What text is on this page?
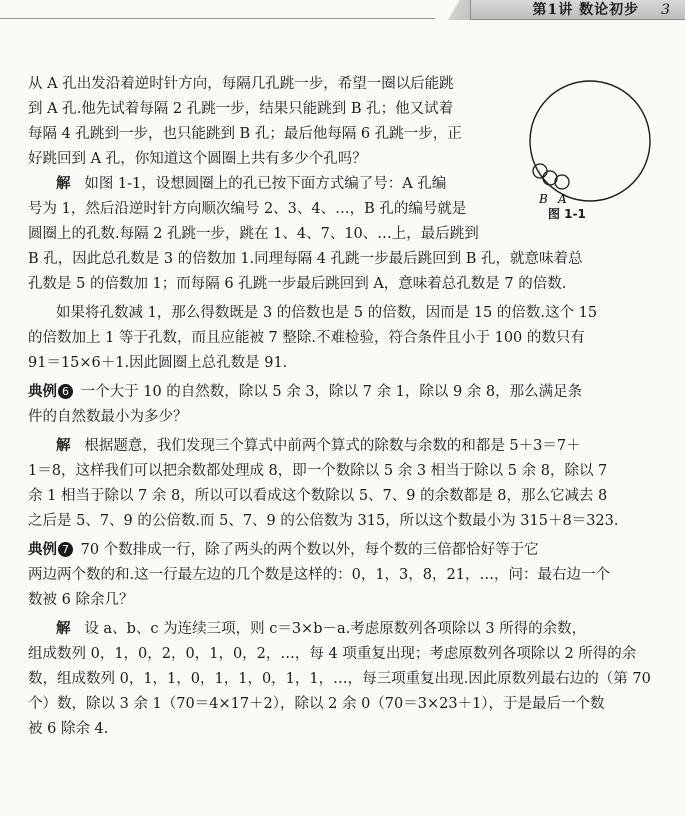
第1讲 数论初步 3
B A
图 1-1
从 A 孔出发沿着逆时针方向，每隔几孔跳一步，希望一圈以后能跳
到 A 孔.他先试着每隔 2 孔跳一步，结果只能跳到 B 孔；他又试着
每隔 4 孔跳到一步，也只能跳到 B 孔；最后他每隔 6 孔跳一步，正
好跳回到 A 孔，你知道这个圆圈上共有多少个孔吗？
解 如图 1-1，设想圆圈上的孔已按下面方式编了号：A 孔编
号为 1，然后沿逆时针方向顺次编号 2、3、4、…，B 孔的编号就是
圆圈上的孔数.每隔 2 孔跳一步，跳在 1、4、7、10、…上，最后跳到
B 孔，因此总孔数是 3 的倍数加 1.同理每隔 4 孔跳一步最后跳回到 B 孔，就意味着总
孔数是 5 的倍数加 1；而每隔 6 孔跳一步最后跳回到 A，意味着总孔数是 7 的倍数.
如果将孔数减 1，那么得数既是 3 的倍数也是 5 的倍数，因而是 15 的倍数.这个 15
的倍数加上 1 等于孔数，而且应能被 7 整除.不难检验，符合条件且小于 100 的数只有
91＝15×6＋1.因此圆圈上总孔数是 91.
典例 6 一个大于 10 的自然数，除以 5 余 3，除以 7 余 1，除以 9 余 8，那么满足条
件的自然数最小为多少？
解 根据题意，我们发现三个算式中前两个算式的除数与余数的和都是 5＋3＝7＋
1＝8，这样我们可以把余数都处理成 8，即一个数除以 5 余 3 相当于除以 5 余 8，除以 7
余 1 相当于除以 7 余 8，所以可以看成这个数除以 5、7、9 的余数都是 8，那么它减去 8
之后是 5、7、9 的公倍数.而 5、7、9 的公倍数为 315，所以这个数最小为 315＋8＝323.
典例 7 70 个数排成一行，除了两头的两个数以外，每个数的三倍都恰好等于它
两边两个数的和.这一行最左边的几个数是这样的：0，1，3，8，21，…，问：最右边一个
数被 6 除余几？
解 设 a、b、c 为连续三项，则 c＝3×b－a.考虑原数列各项除以 3 所得的余数，
组成数列 0，1，0，2，0，1，0，2，…，每 4 项重复出现；考虑原数列各项除以 2 所得的余
数，组成数列 0，1，1，0，1，1，0，1，1，…，每三项重复出现.因此原数列最右边的（第 70
个）数，除以 3 余 1（70＝4×17＋2），除以 2 余 0（70＝3×23＋1），于是最后一个数
被 6 除余 4.
